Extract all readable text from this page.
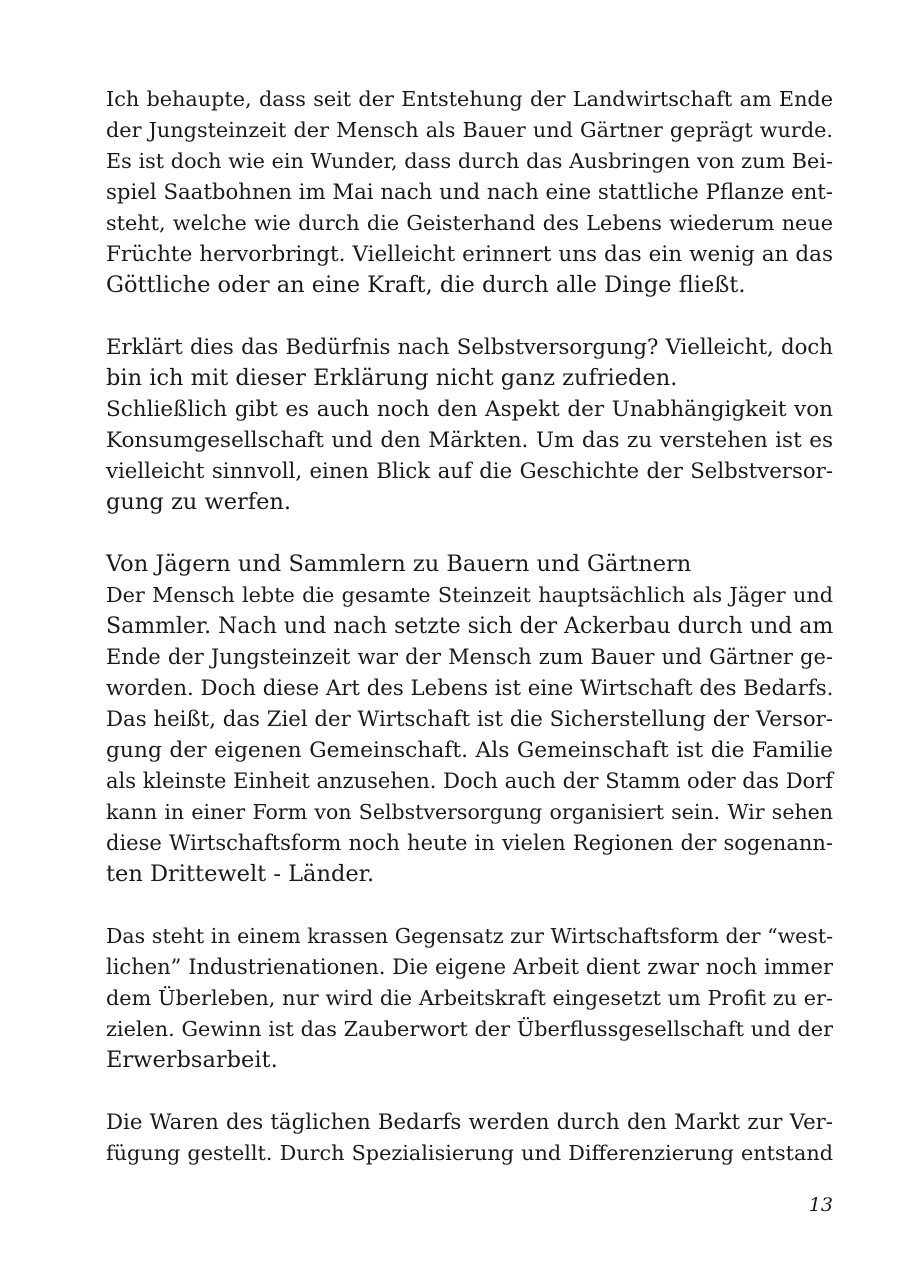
Ich behaupte, dass seit der Entstehung der Landwirtschaft am Ende
der Jungsteinzeit der Mensch als Bauer und Gärtner geprägt wurde.
Es ist doch wie ein Wunder, dass durch das Ausbringen von zum Bei-
spiel Saatbohnen im Mai nach und nach eine stattliche Pflanze ent-
steht, welche wie durch die Geisterhand des Lebens wiederum neue
Früchte hervorbringt. Vielleicht erinnert uns das ein wenig an das
Göttliche oder an eine Kraft, die durch alle Dinge fließt.
Erklärt dies das Bedürfnis nach Selbstversorgung? Vielleicht, doch
bin ich mit dieser Erklärung nicht ganz zufrieden.
Schließlich gibt es auch noch den Aspekt der Unabhängigkeit von
Konsumgesellschaft und den Märkten. Um das zu verstehen ist es
vielleicht sinnvoll, einen Blick auf die Geschichte der Selbstversor-
gung zu werfen.
Von Jägern und Sammlern zu Bauern und Gärtnern
Der Mensch lebte die gesamte Steinzeit hauptsächlich als Jäger und
Sammler. Nach und nach setzte sich der Ackerbau durch und am
Ende der Jungsteinzeit war der Mensch zum Bauer und Gärtner ge-
worden. Doch diese Art des Lebens ist eine Wirtschaft des Bedarfs.
Das heißt, das Ziel der Wirtschaft ist die Sicherstellung der Versor-
gung der eigenen Gemeinschaft. Als Gemeinschaft ist die Familie
als kleinste Einheit anzusehen. Doch auch der Stamm oder das Dorf
kann in einer Form von Selbstversorgung organisiert sein. Wir sehen
diese Wirtschaftsform noch heute in vielen Regionen der sogenann-
ten Drittewelt - Länder.
Das steht in einem krassen Gegensatz zur Wirtschaftsform der “west-
lichen” Industrienationen. Die eigene Arbeit dient zwar noch immer
dem Überleben, nur wird die Arbeitskraft eingesetzt um Profit zu er-
zielen. Gewinn ist das Zauberwort der Überflussgesellschaft und der
Erwerbsarbeit.
Die Waren des täglichen Bedarfs werden durch den Markt zur Ver-
fügung gestellt. Durch Spezialisierung und Differenzierung entstand
13
